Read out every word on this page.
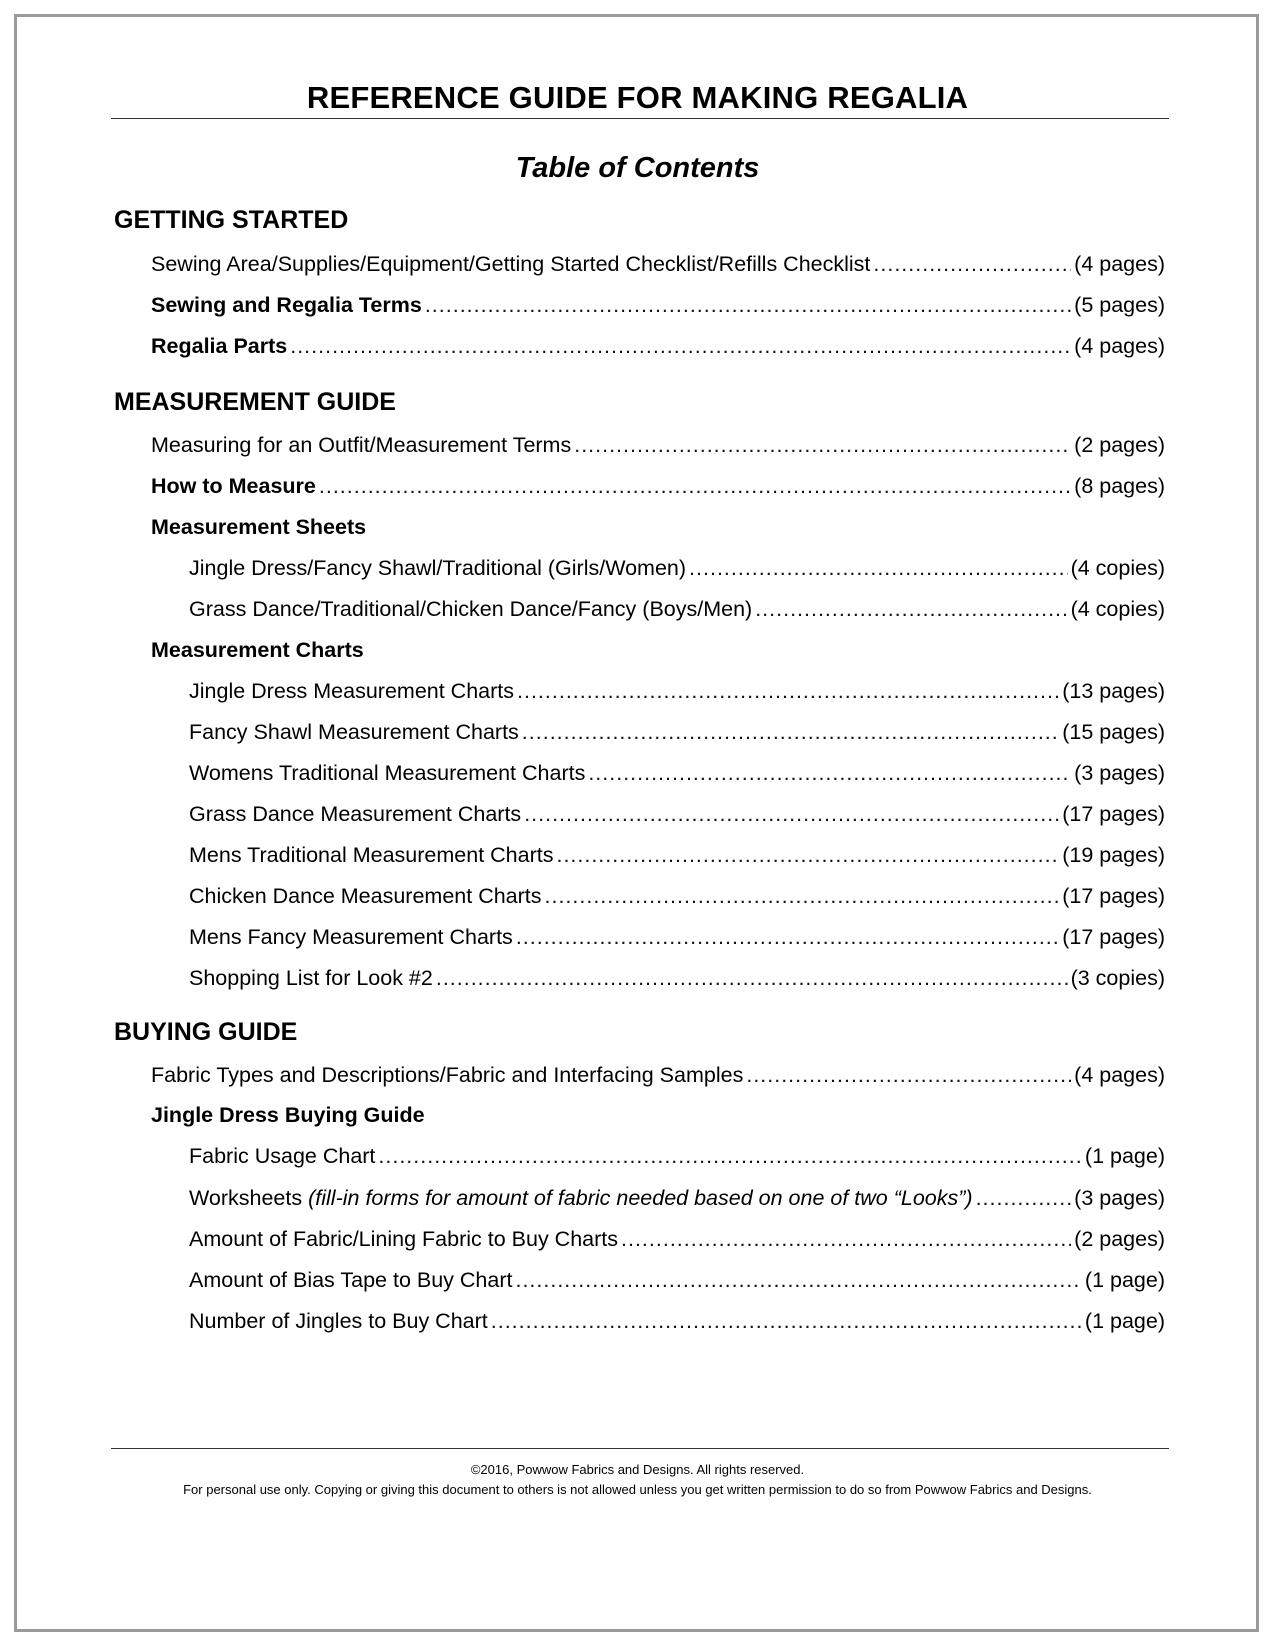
REFERENCE GUIDE FOR MAKING REGALIA
Table of Contents
GETTING STARTED
Sewing Area/Supplies/Equipment/Getting Started Checklist/Refills Checklist .....	(4 pages)
Sewing and Regalia Terms .....	(5 pages)
Regalia Parts .....	(4 pages)
MEASUREMENT GUIDE
Measuring for an Outfit/Measurement Terms .....	(2 pages)
How to Measure .....	(8 pages)
Measurement Sheets
Jingle Dress/Fancy Shawl/Traditional (Girls/Women) .....	(4 copies)
Grass Dance/Traditional/Chicken Dance/Fancy (Boys/Men) .....	(4 copies)
Measurement Charts
Jingle Dress Measurement Charts .....	(13 pages)
Fancy Shawl Measurement Charts .....	(15 pages)
Womens Traditional Measurement Charts .....	(3 pages)
Grass Dance Measurement Charts .....	(17 pages)
Mens Traditional Measurement Charts .....	(19 pages)
Chicken Dance Measurement Charts .....	(17 pages)
Mens Fancy Measurement Charts .....	(17 pages)
Shopping List for Look #2 .....	(3 copies)
BUYING GUIDE
Fabric Types and Descriptions/Fabric and Interfacing Samples .....	(4 pages)
Jingle Dress Buying Guide
Fabric Usage Chart .....	(1 page)
Worksheets (fill-in forms for amount of fabric needed based on one of two “Looks”) .....	(3 pages)
Amount of Fabric/Lining Fabric to Buy Charts .....	(2 pages)
Amount of Bias Tape to Buy Chart .....	(1 page)
Number of Jingles to Buy Chart .....	(1 page)
©2016, Powwow Fabrics and Designs. All rights reserved.
For personal use only. Copying or giving this document to others is not allowed unless you get written permission to do so from Powwow Fabrics and Designs.
